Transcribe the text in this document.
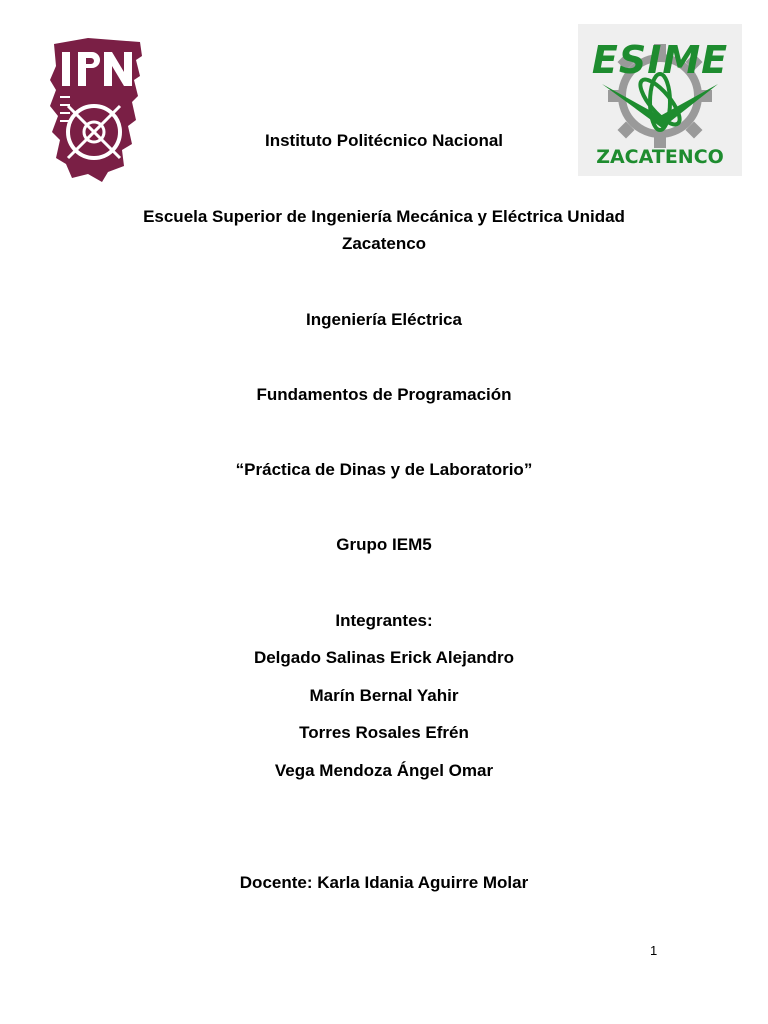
ESIME
ZACATENCO
Instituto Politécnico Nacional
Escuela Superior de Ingeniería Mecánica y Eléctrica Unidad
Zacatenco
Ingeniería Eléctrica
Fundamentos de Programación
“Práctica de Dinas y de Laboratorio”
Grupo IEM5
Integrantes:
Delgado Salinas Erick Alejandro
Marín Bernal Yahir
Torres Rosales Efrén
Vega Mendoza Ángel Omar
Docente: Karla Idania Aguirre Molar
1
